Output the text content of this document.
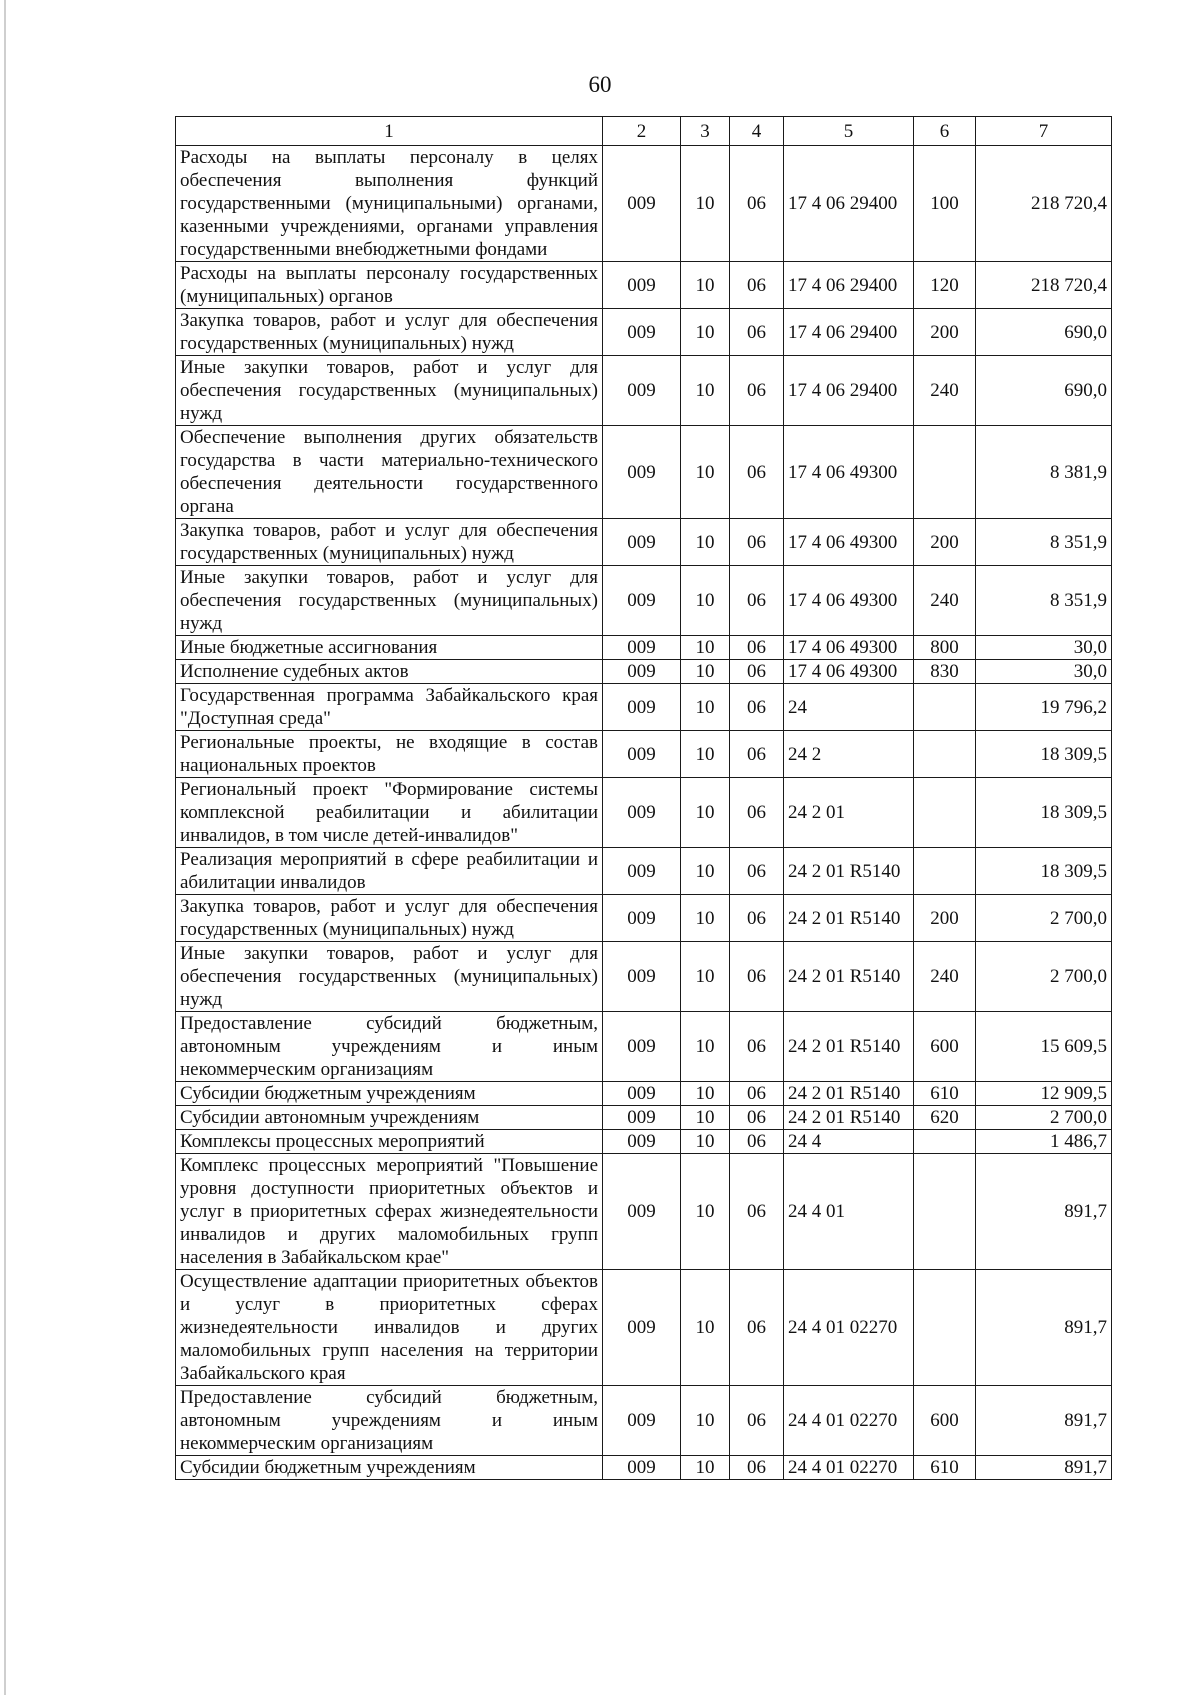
60
1	2	3	4	5	6	7
Расходы на выплаты персоналу в целях обеспечения выполнения функций государственными (муниципальными) органами, казенными учреждениями, органами управления государственными внебюджетными фондами	009	10	06	17 4 06 29400	100	218 720,4
Расходы на выплаты персоналу государственных (муниципальных) органов	009	10	06	17 4 06 29400	120	218 720,4
Закупка товаров, работ и услуг для обеспечения государственных (муниципальных) нужд	009	10	06	17 4 06 29400	200	690,0
Иные закупки товаров, работ и услуг для обеспечения государственных (муниципальных) нужд	009	10	06	17 4 06 29400	240	690,0
Обеспечение выполнения других обязательств государства в части материально-технического обеспечения деятельности государственного органа	009	10	06	17 4 06 49300		8 381,9
Закупка товаров, работ и услуг для обеспечения государственных (муниципальных) нужд	009	10	06	17 4 06 49300	200	8 351,9
Иные закупки товаров, работ и услуг для обеспечения государственных (муниципальных) нужд	009	10	06	17 4 06 49300	240	8 351,9
Иные бюджетные ассигнования	009	10	06	17 4 06 49300	800	30,0
Исполнение судебных актов	009	10	06	17 4 06 49300	830	30,0
Государственная программа Забайкальского края "Доступная среда"	009	10	06	24		19 796,2
Региональные проекты, не входящие в состав национальных проектов	009	10	06	24 2		18 309,5
Региональный проект "Формирование системы комплексной реабилитации и абилитации инвалидов, в том числе детей-инвалидов"	009	10	06	24 2 01		18 309,5
Реализация мероприятий в сфере реабилитации и абилитации инвалидов	009	10	06	24 2 01 R5140		18 309,5
Закупка товаров, работ и услуг для обеспечения государственных (муниципальных) нужд	009	10	06	24 2 01 R5140	200	2 700,0
Иные закупки товаров, работ и услуг для обеспечения государственных (муниципальных) нужд	009	10	06	24 2 01 R5140	240	2 700,0
Предоставление субсидий бюджетным, автономным учреждениям и иным некоммерческим организациям	009	10	06	24 2 01 R5140	600	15 609,5
Субсидии бюджетным учреждениям	009	10	06	24 2 01 R5140	610	12 909,5
Субсидии автономным учреждениям	009	10	06	24 2 01 R5140	620	2 700,0
Комплексы процессных мероприятий	009	10	06	24 4		1 486,7
Комплекс процессных мероприятий "Повышение уровня доступности приоритетных объектов и услуг в приоритетных сферах жизнедеятельности инвалидов и других маломобильных групп населения в Забайкальском крае"	009	10	06	24 4 01		891,7
Осуществление адаптации приоритетных объектов и услуг в приоритетных сферах жизнедеятельности инвалидов и других маломобильных групп населения на территории Забайкальского края	009	10	06	24 4 01 02270		891,7
Предоставление субсидий бюджетным, автономным учреждениям и иным некоммерческим организациям	009	10	06	24 4 01 02270	600	891,7
Субсидии бюджетным учреждениям	009	10	06	24 4 01 02270	610	891,7
